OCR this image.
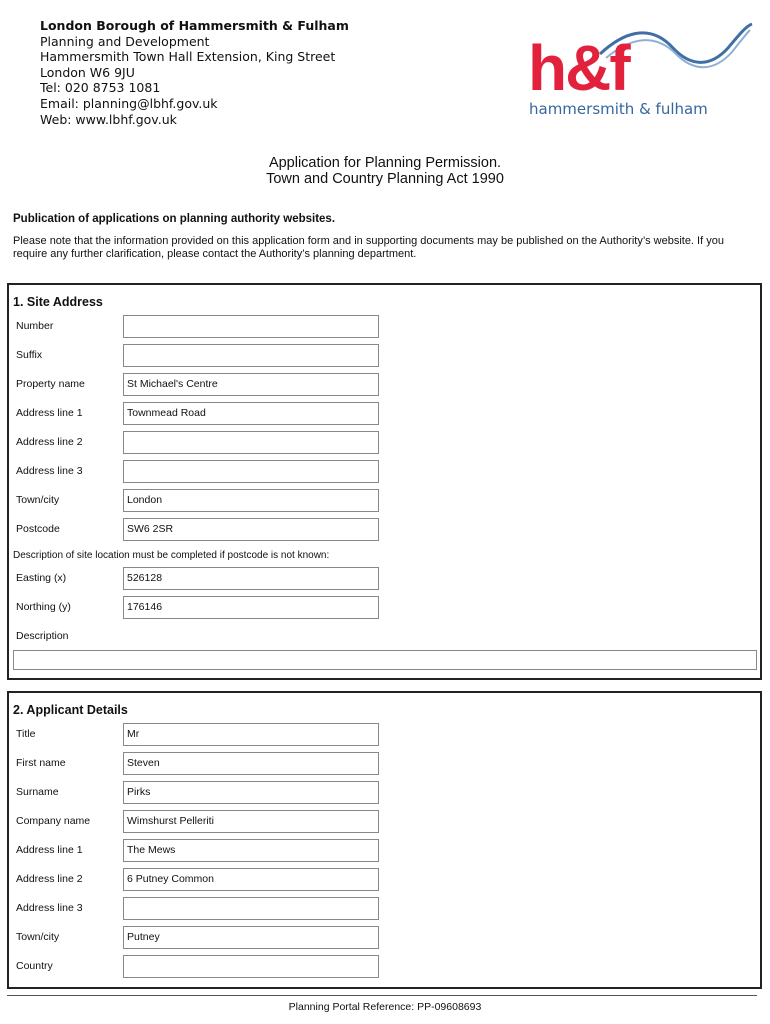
London Borough of Hammersmith & Fulham
Planning and Development
Hammersmith Town Hall Extension, King Street
London W6 9JU
Tel: 020 8753 1081
Email: planning@lbhf.gov.uk
Web: www.lbhf.gov.uk
h&f
hammersmith & fulham
Application for Planning Permission.
Town and Country Planning Act 1990
Publication of applications on planning authority websites.
Please note that the information provided on this application form and in supporting documents may be published on the Authority’s website. If you require any further clarification, please contact the Authority’s planning department.
1. Site Address
Number
Suffix
Property name	St Michael's Centre
Address line 1	Townmead Road
Address line 2
Address line 3
Town/city	London
Postcode	SW6 2SR
Description of site location must be completed if postcode is not known:
Easting (x)	526128
Northing (y)	176146
Description
2. Applicant Details
Title	Mr
First name	Steven
Surname	Pirks
Company name	Wimshurst Pelleriti
Address line 1	The Mews
Address line 2	6 Putney Common
Address line 3
Town/city	Putney
Country
Planning Portal Reference: PP-09608693
